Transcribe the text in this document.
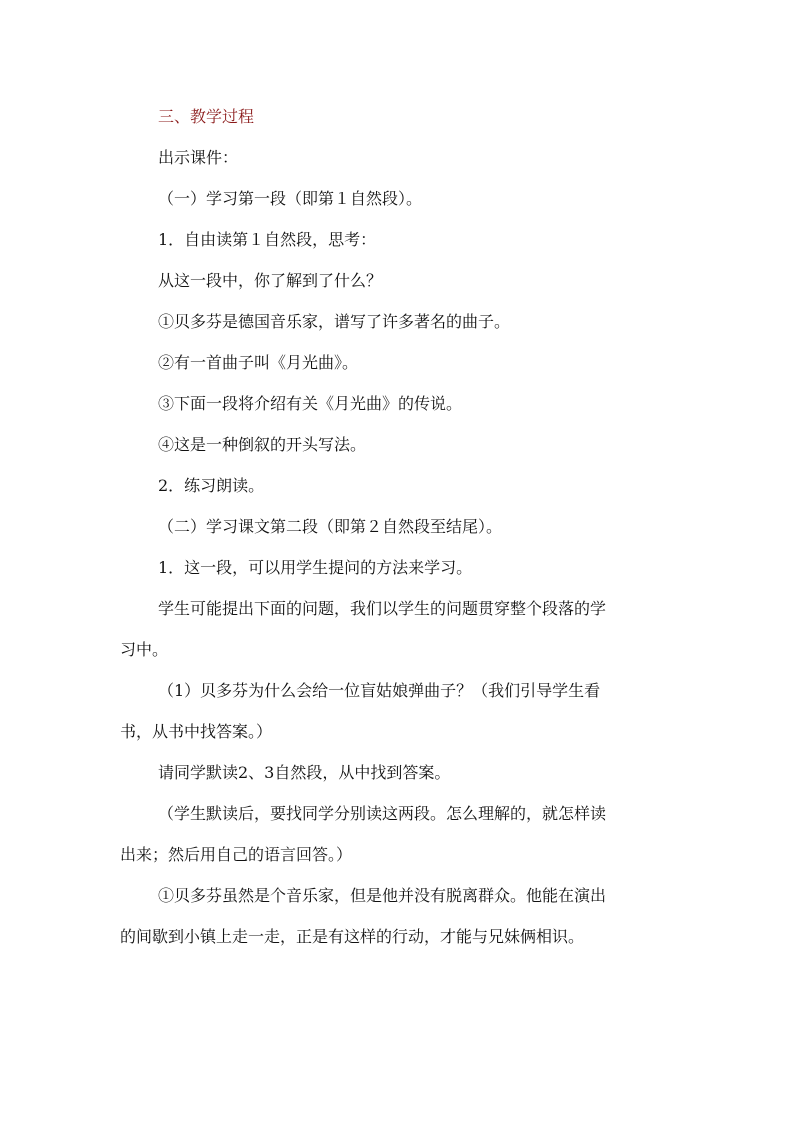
三、教学过程
出示课件：
（一）学习第一段（即第１自然段）。
1．自由读第１自然段，思考：
从这一段中，你了解到了什么？
①贝多芬是德国音乐家，谱写了许多著名的曲子。
②有一首曲子叫《月光曲》。
③下面一段将介绍有关《月光曲》的传说。
④这是一种倒叙的开头写法。
2．练习朗读。
（二）学习课文第二段（即第２自然段至结尾）。
1．这一段，可以用学生提问的方法来学习。
学生可能提出下面的问题，我们以学生的问题贯穿整个段落的学
习中。
（1）贝多芬为什么会给一位盲姑娘弹曲子？（我们引导学生看
书，从书中找答案。）
请同学默读2、3自然段，从中找到答案。
（学生默读后，要找同学分别读这两段。怎么理解的，就怎样读
出来；然后用自己的语言回答。）
①贝多芬虽然是个音乐家，但是他并没有脱离群众。他能在演出
的间歇到小镇上走一走，正是有这样的行动，才能与兄妹俩相识。
